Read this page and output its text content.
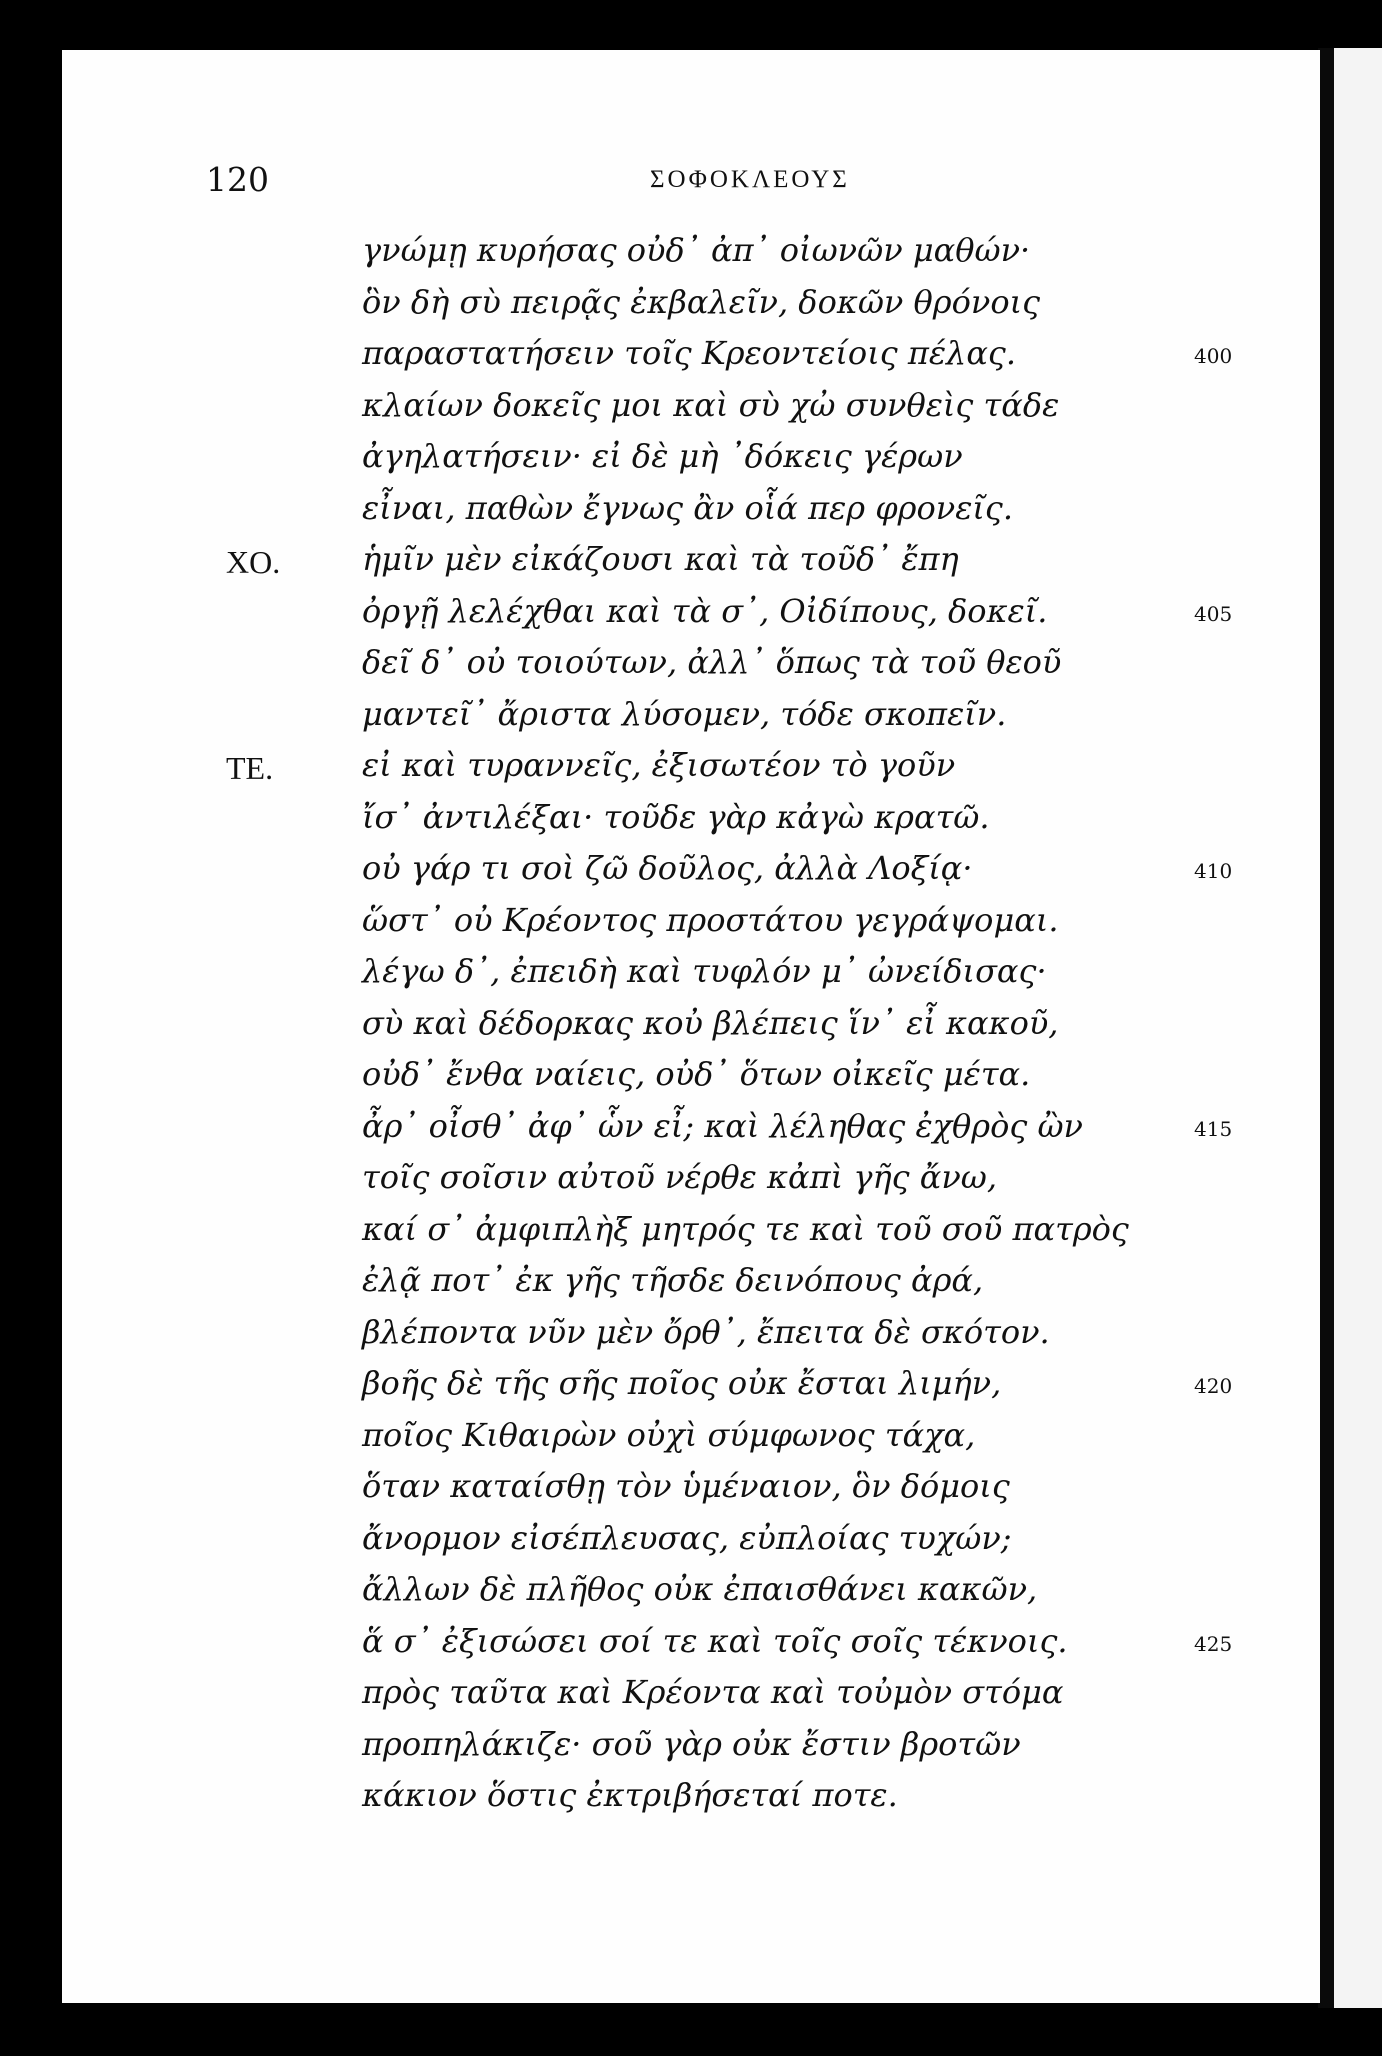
120	ΣΟΦΟΚΛΕΟΥΣ
γνώμῃ κυρήσας οὐδ᾽ ἀπ᾽ οἰωνῶν μαθών·
ὃν δὴ σὺ πειρᾷς ἐκβαλεῖν, δοκῶν θρόνοις
παραστατήσειν τοῖς Κρεοντείοις πέλας.	400
κλαίων δοκεῖς μοι καὶ σὺ χὠ συνθεὶς τάδε
ἀγηλατήσειν· εἰ δὲ μὴ ᾽δόκεις γέρων
εἶναι, παθὼν ἔγνως ἂν οἷά περ φρονεῖς.
ΧΟ.	ἡμῖν μὲν εἰκάζουσι καὶ τὰ τοῦδ᾽ ἔπη
ὀργῇ λελέχθαι καὶ τὰ σ᾽, Οἰδίπους, δοκεῖ.	405
δεῖ δ᾽ οὐ τοιούτων, ἀλλ᾽ ὅπως τὰ τοῦ θεοῦ
μαντεῖ᾽ ἄριστα λύσομεν, τόδε σκοπεῖν.
ΤΕ.	εἰ καὶ τυραννεῖς, ἐξισωτέον τὸ γοῦν
ἴσ᾽ ἀντιλέξαι· τοῦδε γὰρ κἀγὼ κρατῶ.
οὐ γάρ τι σοὶ ζῶ δοῦλος, ἀλλὰ Λοξίᾳ·	410
ὥστ᾽ οὐ Κρέοντος προστάτου γεγράψομαι.
λέγω δ᾽, ἐπειδὴ καὶ τυφλόν μ᾽ ὠνείδισας·
σὺ καὶ δέδορκας κοὐ βλέπεις ἵν᾽ εἶ κακοῦ,
οὐδ᾽ ἔνθα ναίεις, οὐδ᾽ ὅτων οἰκεῖς μέτα.
ἆρ᾽ οἶσθ᾽ ἀφ᾽ ὧν εἶ; καὶ λέληθας ἐχθρὸς ὢν	415
τοῖς σοῖσιν αὐτοῦ νέρθε κἀπὶ γῆς ἄνω,
καί σ᾽ ἀμφιπλὴξ μητρός τε καὶ τοῦ σοῦ πατρὸς
ἐλᾷ ποτ᾽ ἐκ γῆς τῆσδε δεινόπους ἀρά,
βλέποντα νῦν μὲν ὄρθ᾽, ἔπειτα δὲ σκότον.
βοῆς δὲ τῆς σῆς ποῖος οὐκ ἔσται λιμήν,	420
ποῖος Κιθαιρὼν οὐχὶ σύμφωνος τάχα,
ὅταν καταίσθῃ τὸν ὑμέναιον, ὃν δόμοις
ἄνορμον εἰσέπλευσας, εὐπλοίας τυχών;
ἄλλων δὲ πλῆθος οὐκ ἐπαισθάνει κακῶν,
ἅ σ᾽ ἐξισώσει σοί τε καὶ τοῖς σοῖς τέκνοις.	425
πρὸς ταῦτα καὶ Κρέοντα καὶ τοὐμὸν στόμα
προπηλάκιζε· σοῦ γὰρ οὐκ ἔστιν βροτῶν
κάκιον ὅστις ἐκτριβήσεταί ποτε.
